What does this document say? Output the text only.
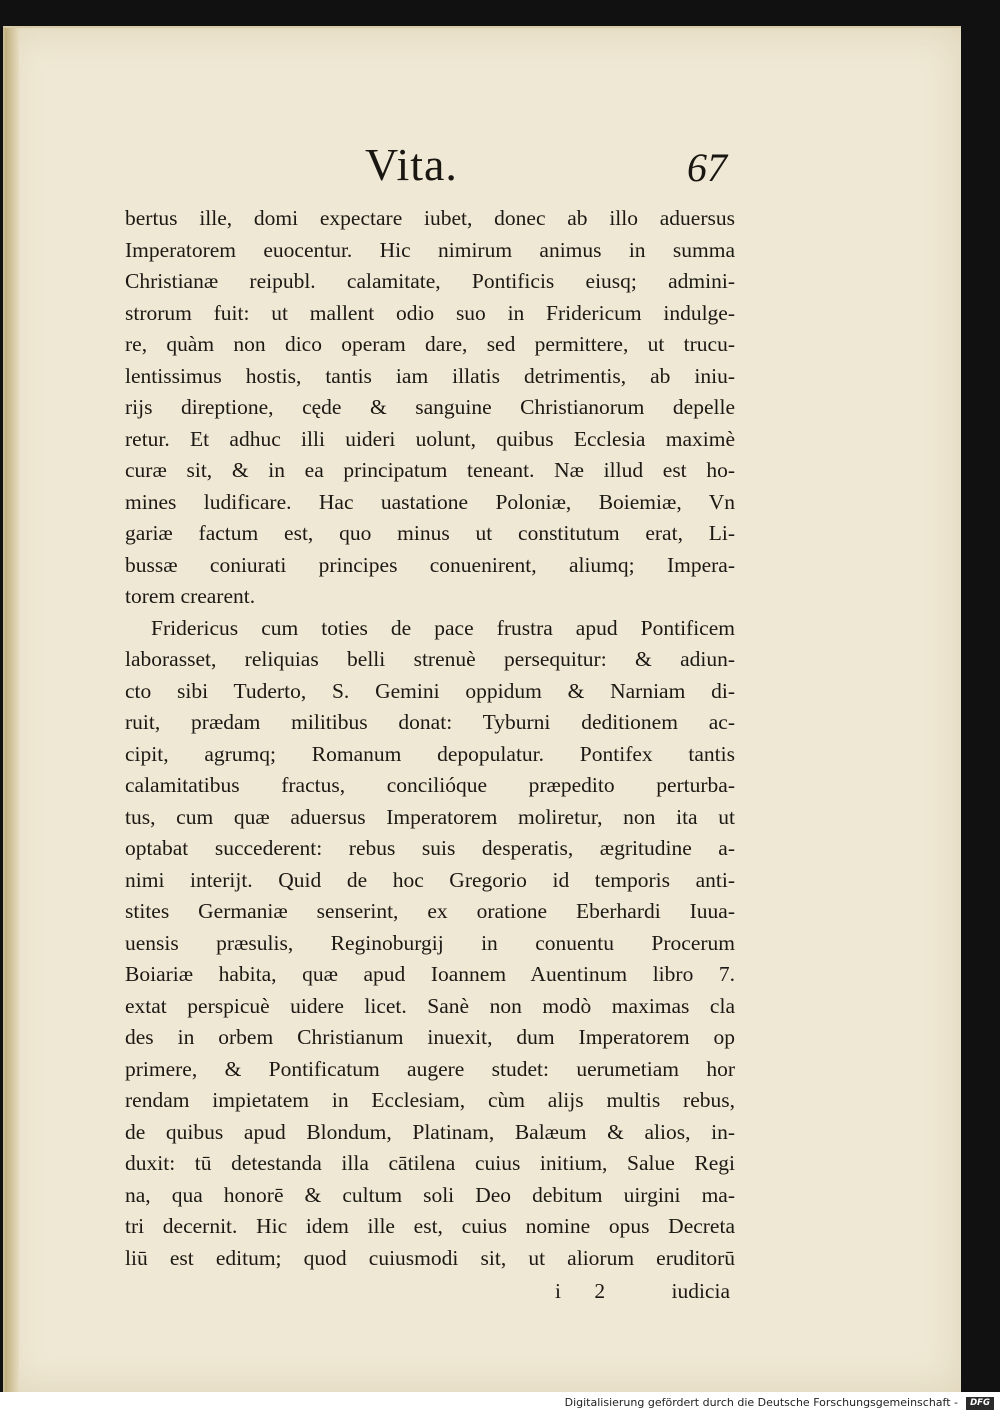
Vita.	67
bertus ille, domi expectare iubet, donec ab illo aduersus
Imperatorem euocentur. Hic nimirum animus in summa
Christianæ reipubl. calamitate, Pontificis eiusq; admini-
strorum fuit: ut mallent odio suo in Fridericum indulge-
re, quàm non dico operam dare, sed permittere, ut trucu-
lentissimus hostis, tantis iam illatis detrimentis, ab iniu-
rijs direptione, cęde & sanguine Christianorum depelle
retur. Et adhuc illi uideri uolunt, quibus Ecclesia maximè
curæ sit, & in ea principatum teneant. Næ illud est ho-
mines ludificare. Hac uastatione Poloniæ, Boiemiæ, Vn
gariæ factum est, quo minus ut constitutum erat, Li-
bussæ coniurati principes conuenirent, aliumq; Impera-
torem crearent.
Fridericus cum toties de pace frustra apud Pontificem
laborasset, reliquias belli strenuè persequitur: & adiun-
cto sibi Tuderto, S. Gemini oppidum & Narniam di-
ruit, prædam militibus donat: Tyburni deditionem ac-
cipit, agrumq; Romanum depopulatur. Pontifex tantis
calamitatibus fractus, concilióque præpedito perturba-
tus, cum quæ aduersus Imperatorem moliretur, non ita ut
optabat succederent: rebus suis desperatis, ægritudine a-
nimi interijt. Quid de hoc Gregorio id temporis anti-
stites Germaniæ senserint, ex oratione Eberhardi Iuua-
uensis præsulis, Reginoburgij in conuentu Procerum
Boiariæ habita, quæ apud Ioannem Auentinum libro 7.
extat perspicuè uidere licet. Sanè non modò maximas cla
des in orbem Christianum inuexit, dum Imperatorem op
primere, & Pontificatum augere studet: uerumetiam hor
rendam impietatem in Ecclesiam, cùm alijs multis rebus,
de quibus apud Blondum, Platinam, Balæum & alios, in-
duxit: tū detestanda illa cātilena cuius initium, Salue Regi
na, qua honorē & cultum soli Deo debitum uirgini ma-
tri decernit. Hic idem ille est, cuius nomine opus Decreta
liū est editum; quod cuiusmodi sit, ut aliorum eruditorū
i 2 iudicia
Digitalisierung gefördert durch die Deutsche Forschungsgemeinschaft -	DFG
